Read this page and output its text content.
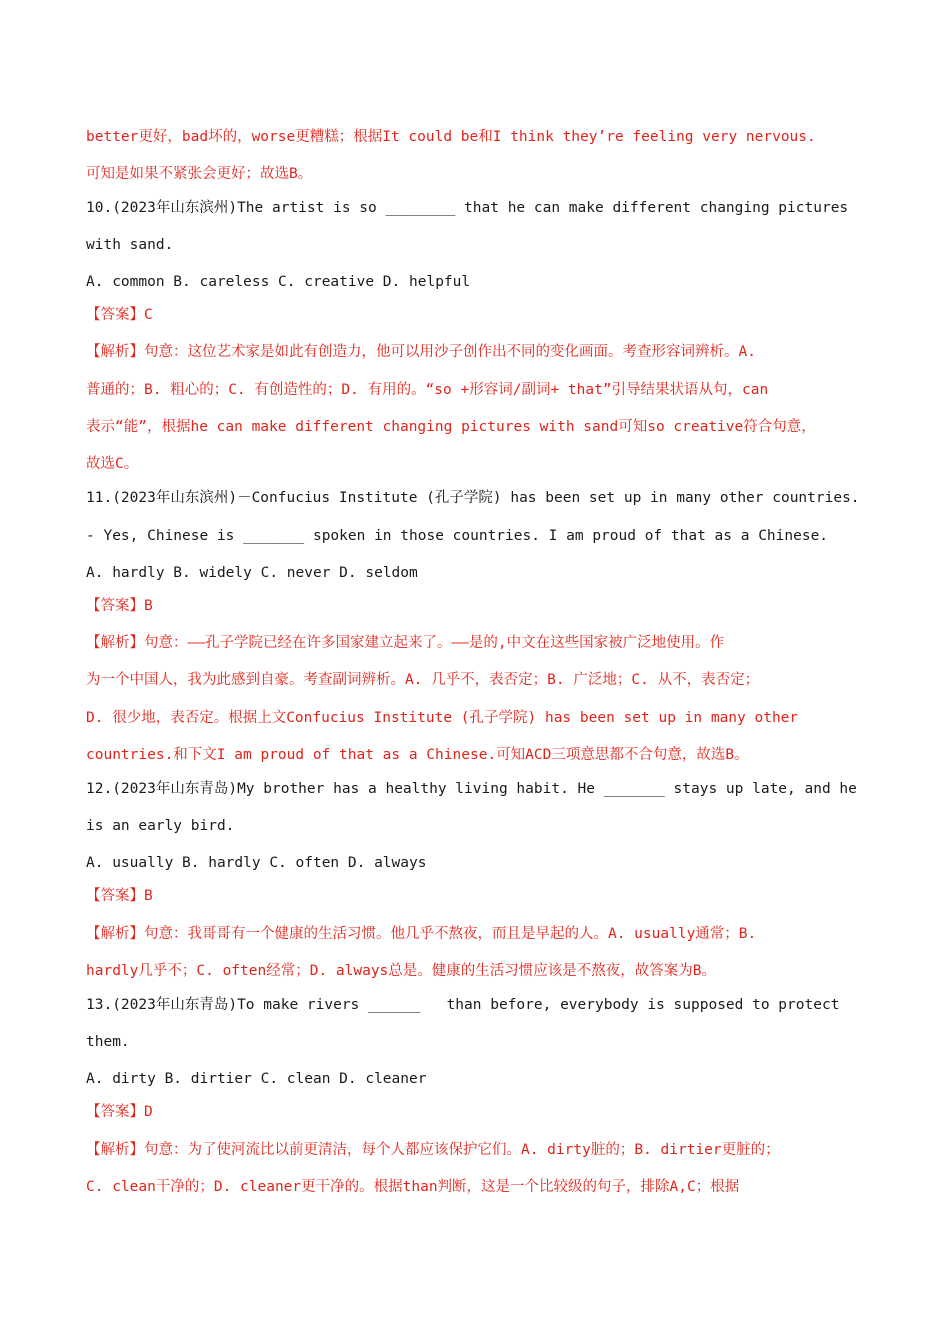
better更好，bad坏的，worse更糟糕；根据It could be和I think they’re feeling very nervous.
可知是如果不紧张会更好；故选B。
10.(2023年山东滨州)The artist is so ________ that he can make different changing pictures
with sand.
A. common B. careless C. creative D. helpful
【答案】C
【解析】句意：这位艺术家是如此有创造力，他可以用沙子创作出不同的变化画面。考查形容词辨析。A.
普通的；B. 粗心的；C. 有创造性的；D. 有用的。“so +形容词/副词+ that”引导结果状语从句，can
表示“能”，根据he can make different changing pictures with sand可知so creative符合句意，
故选C。
11.(2023年山东滨州)－Confucius Institute (孔子学院) has been set up in many other countries.
- Yes, Chinese is _______ spoken in those countries. I am proud of that as a Chinese.
A. hardly B. widely C. never D. seldom
【答案】B
【解析】句意：——孔子学院已经在许多国家建立起来了。——是的,中文在这些国家被广泛地使用。作
为一个中国人，我为此感到自豪。考查副词辨析。A. 几乎不，表否定；B. 广泛地；C. 从不，表否定；
D. 很少地，表否定。根据上文Confucius Institute (孔子学院) has been set up in many other
countries.和下文I am proud of that as a Chinese.可知ACD三项意思都不合句意，故选B。
12.(2023年山东青岛)My brother has a healthy living habit. He _______ stays up late, and he
is an early bird.
A. usually B. hardly C. often D. always
【答案】B
【解析】句意：我哥哥有一个健康的生活习惯。他几乎不熬夜，而且是早起的人。A. usually通常；B.
hardly几乎不；C. often经常；D. always总是。健康的生活习惯应该是不熬夜，故答案为B。
13.(2023年山东青岛)To make rivers ______   than before, everybody is supposed to protect
them.
A. dirty B. dirtier C. clean D. cleaner
【答案】D
【解析】句意：为了使河流比以前更清洁，每个人都应该保护它们。A. dirty脏的；B. dirtier更脏的；
C. clean干净的；D. cleaner更干净的。根据than判断，这是一个比较级的句子，排除A,C；根据
